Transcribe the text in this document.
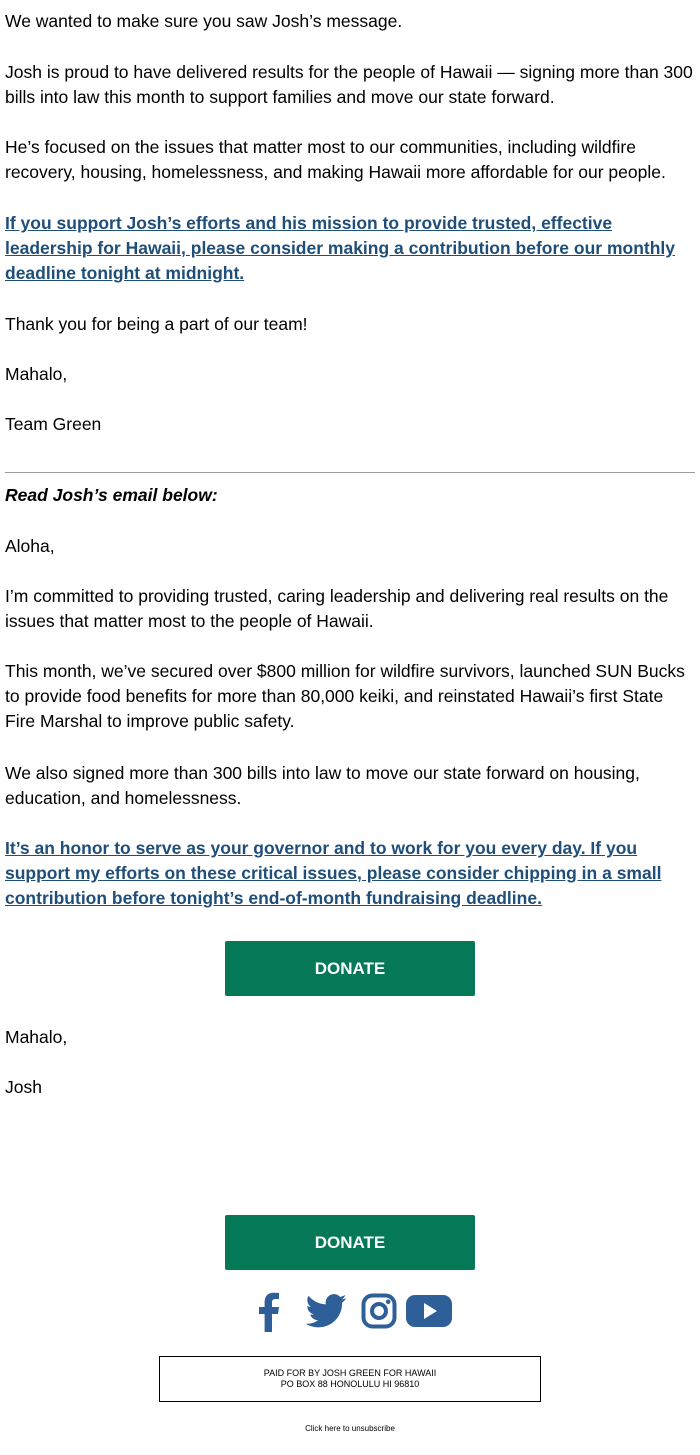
We wanted to make sure you saw Josh’s message.

Josh is proud to have delivered results for the people of Hawaii — signing more than 300 bills into law this month to support families and move our state forward.

He’s focused on the issues that matter most to our communities, including wildfire recovery, housing, homelessness, and making Hawaii more affordable for our people.

If you support Josh’s efforts and his mission to provide trusted, effective leadership for Hawaii, please consider making a contribution before our monthly deadline tonight at midnight.

Thank you for being a part of our team!

Mahalo,

Team Green

Read Josh’s email below:

Aloha,

I’m committed to providing trusted, caring leadership and delivering real results on the issues that matter most to the people of Hawaii.

This month, we’ve secured over $800 million for wildfire survivors, launched SUN Bucks to provide food benefits for more than 80,000 keiki, and reinstated Hawaii’s first State Fire Marshal to improve public safety.

We also signed more than 300 bills into law to move our state forward on housing, education, and homelessness.

It’s an honor to serve as your governor and to work for you every day. If you support my efforts on these critical issues, please consider chipping in a small contribution before tonight’s end-of-month fundraising deadline.

DONATE

Mahalo,

Josh

DONATE
PAID FOR BY JOSH GREEN FOR HAWAII
PO BOX 88 HONOLULU HI 96810
Click here to unsubscribe
